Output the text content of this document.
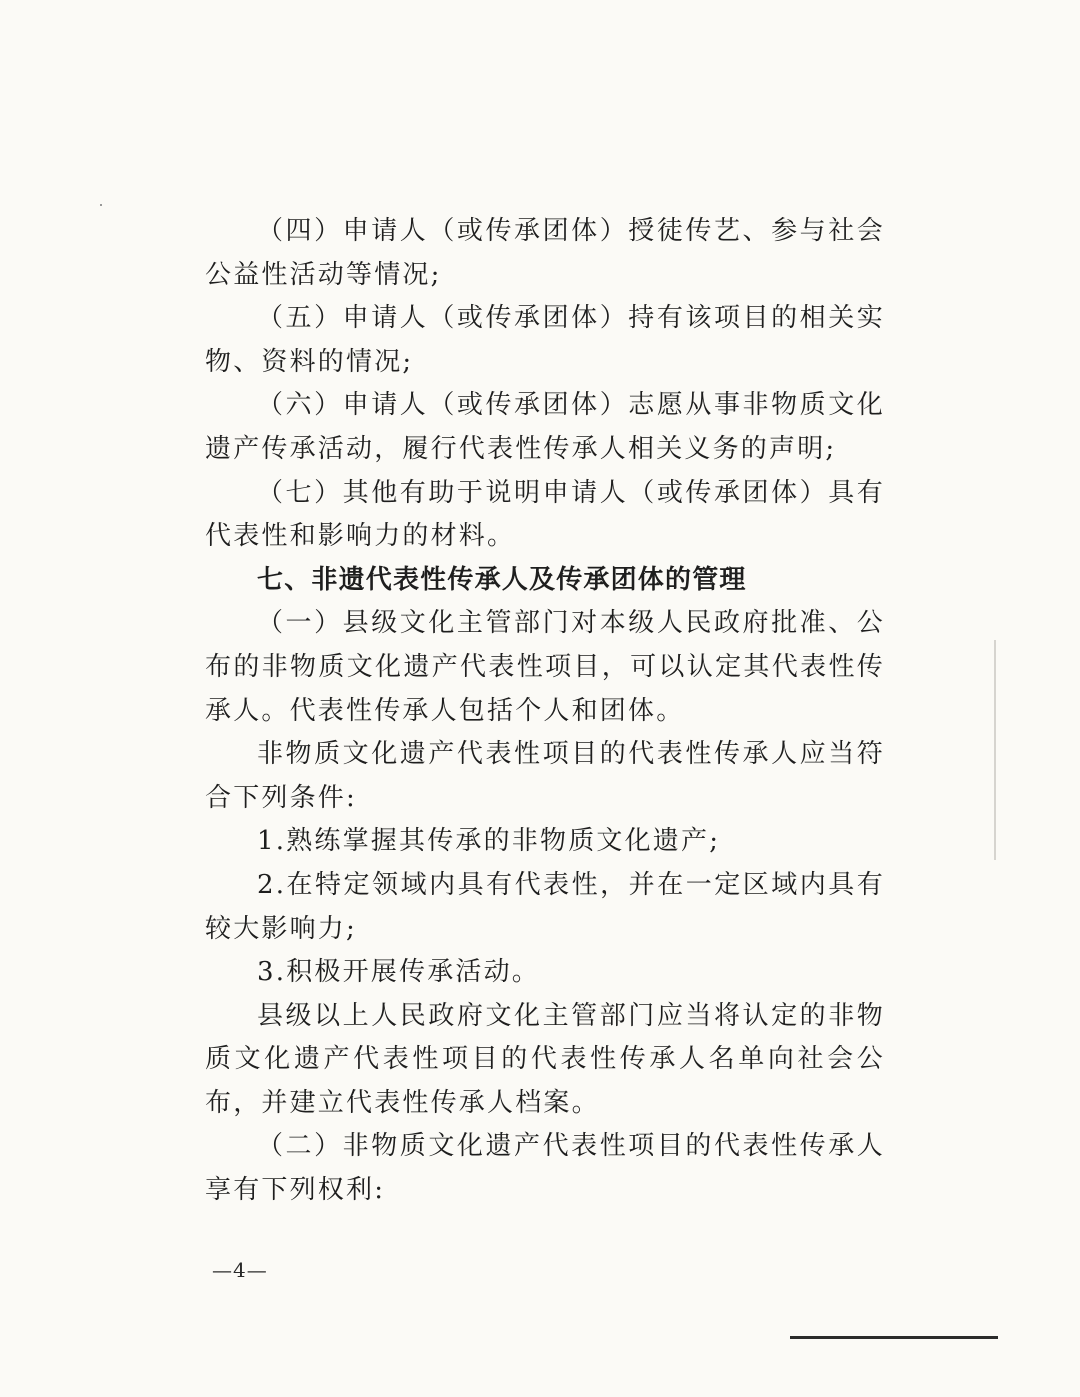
（四）申请人（或传承团体）授徒传艺、参与社会公益性活动等情况;

（五）申请人（或传承团体）持有该项目的相关实物、资料的情况;

（六）申请人（或传承团体）志愿从事非物质文化遗产传承活动，履行代表性传承人相关义务的声明;

（七）其他有助于说明申请人（或传承团体）具有代表性和影响力的材料。

七、非遗代表性传承人及传承团体的管理

（一）县级文化主管部门对本级人民政府批准、公布的非物质文化遗产代表性项目，可以认定其代表性传承人。代表性传承人包括个人和团体。

非物质文化遗产代表性项目的代表性传承人应当符合下列条件:

1.熟练掌握其传承的非物质文化遗产;

2.在特定领域内具有代表性，并在一定区域内具有较大影响力;

3.积极开展传承活动。

县级以上人民政府文化主管部门应当将认定的非物质文化遗产代表性项目的代表性传承人名单向社会公布，并建立代表性传承人档案。

（二）非物质文化遗产代表性项目的代表性传承人享有下列权利:

—4—
